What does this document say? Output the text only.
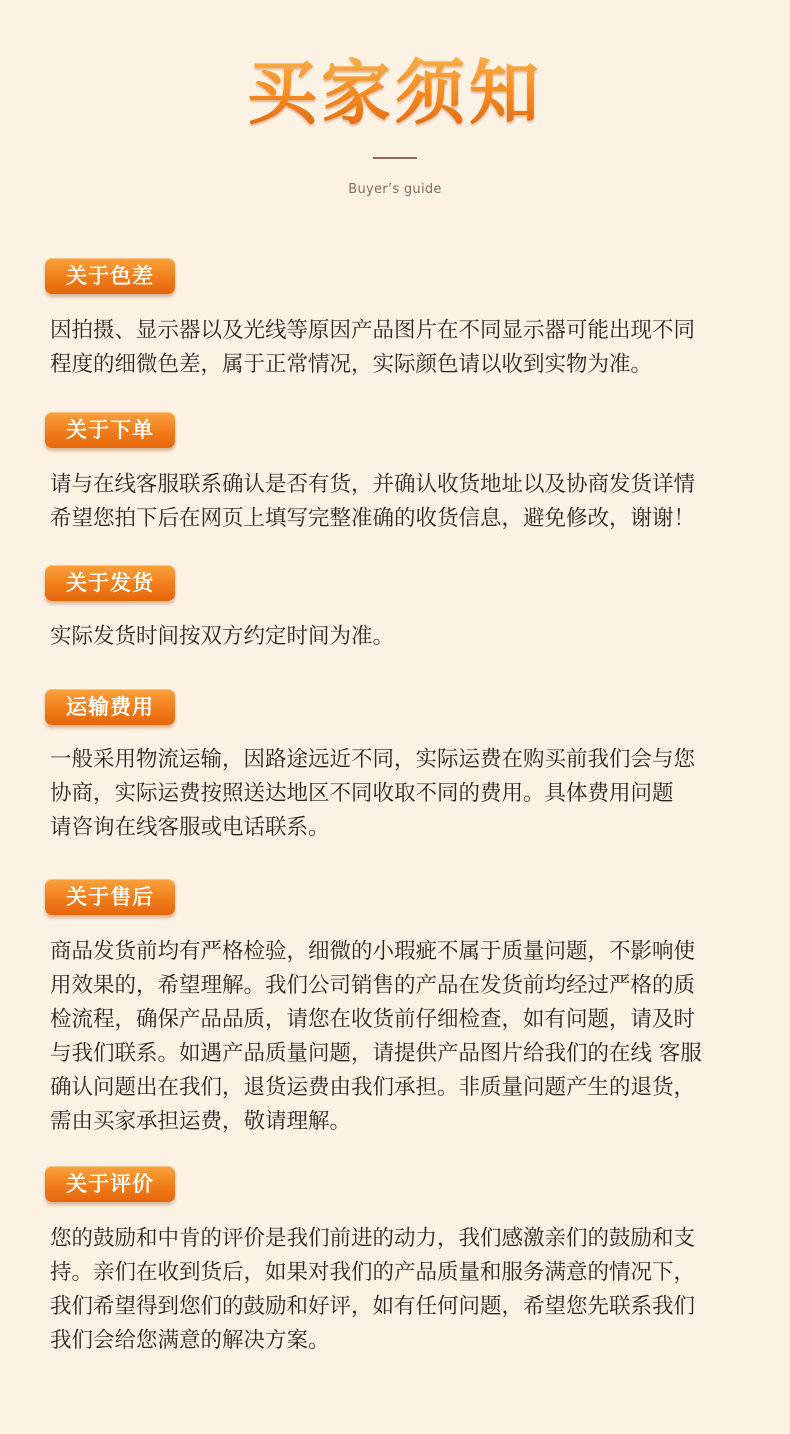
买家须知
Buyer’s guide
关于色差
因拍摄、显示器以及光线等原因产品图片在不同显示器可能出现不同
程度的细微色差，属于正常情况，实际颜色请以收到实物为准。
关于下单
请与在线客服联系确认是否有货，并确认收货地址以及协商发货详情
希望您拍下后在网页上填写完整准确的收货信息，避免修改，谢谢！
关于发货
实际发货时间按双方约定时间为准。
运输费用
一般采用物流运输，因路途远近不同，实际运费在购买前我们会与您
协商，实际运费按照送达地区不同收取不同的费用。具体费用问题
请咨询在线客服或电话联系。
关于售后
商品发货前均有严格检验，细微的小瑕疵不属于质量问题，不影响使
用效果的，希望理解。我们公司销售的产品在发货前均经过严格的质
检流程，确保产品品质，请您在收货前仔细检查，如有问题，请及时
与我们联系。如遇产品质量问题，请提供产品图片给我们的在线 客服
确认问题出在我们，退货运费由我们承担。非质量问题产生的退货，
需由买家承担运费，敬请理解。
关于评价
您的鼓励和中肯的评价是我们前进的动力，我们感激亲们的鼓励和支
持。亲们在收到货后，如果对我们的产品质量和服务满意的情况下，
我们希望得到您们的鼓励和好评，如有任何问题，希望您先联系我们
我们会给您满意的解决方案。
